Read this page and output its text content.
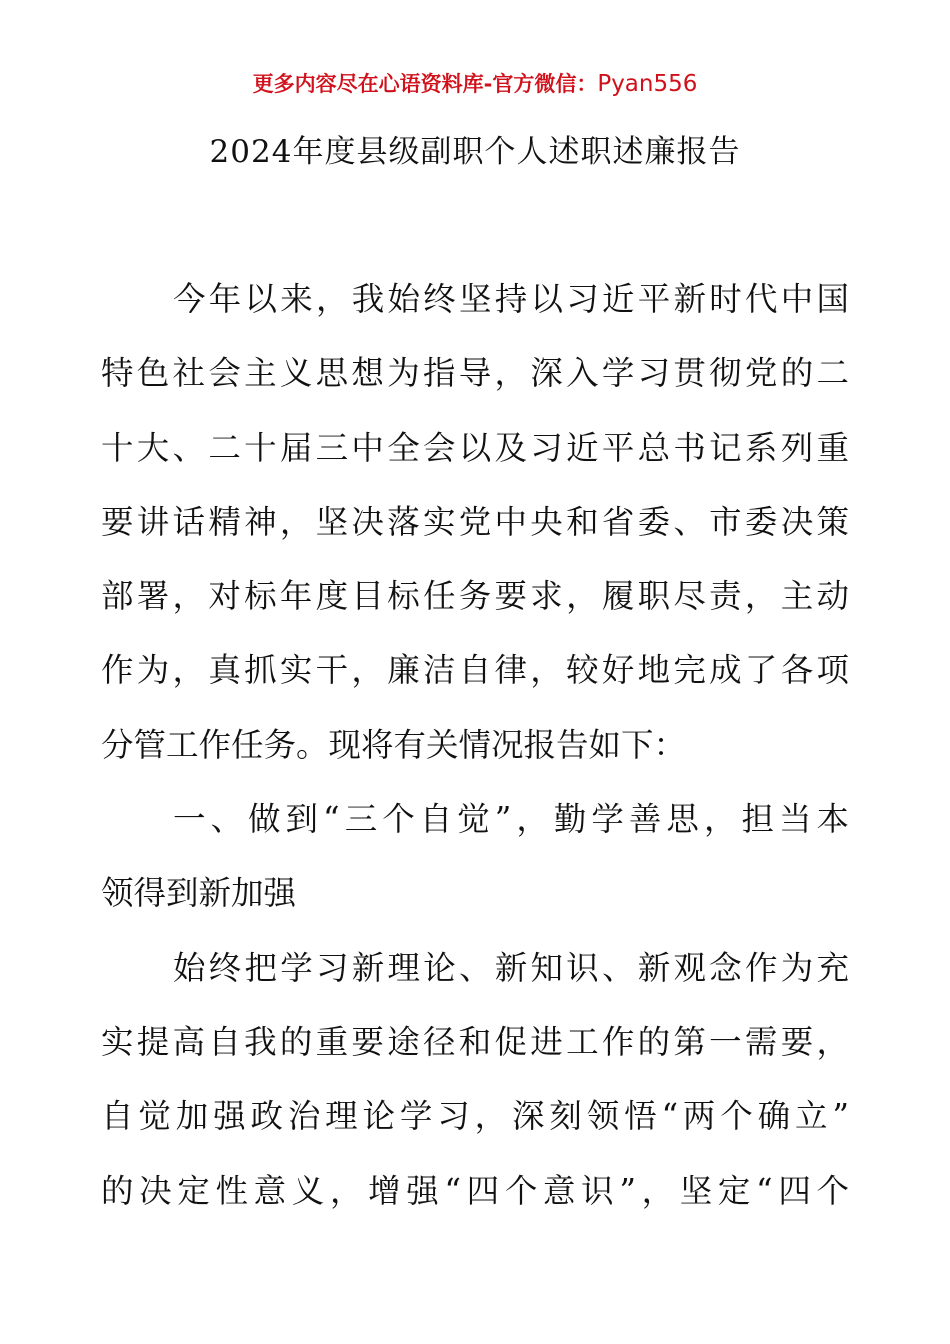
更多内容尽在心语资料库-官方微信：Pyan556
2024年度县级副职个人述职述廉报告
今年以来，我始终坚持以习近平新时代中国
特色社会主义思想为指导，深入学习贯彻党的二
十大、二十届三中全会以及习近平总书记系列重
要讲话精神，坚决落实党中央和省委、市委决策
部署，对标年度目标任务要求，履职尽责，主动
作为，真抓实干，廉洁自律，较好地完成了各项
分管工作任务。现将有关情况报告如下：
一、做到“三个自觉”，勤学善思，担当本
领得到新加强
始终把学习新理论、新知识、新观念作为充
实提高自我的重要途径和促进工作的第一需要，
自觉加强政治理论学习，深刻领悟“两个确立”
的决定性意义，增强“四个意识”，坚定“四个
